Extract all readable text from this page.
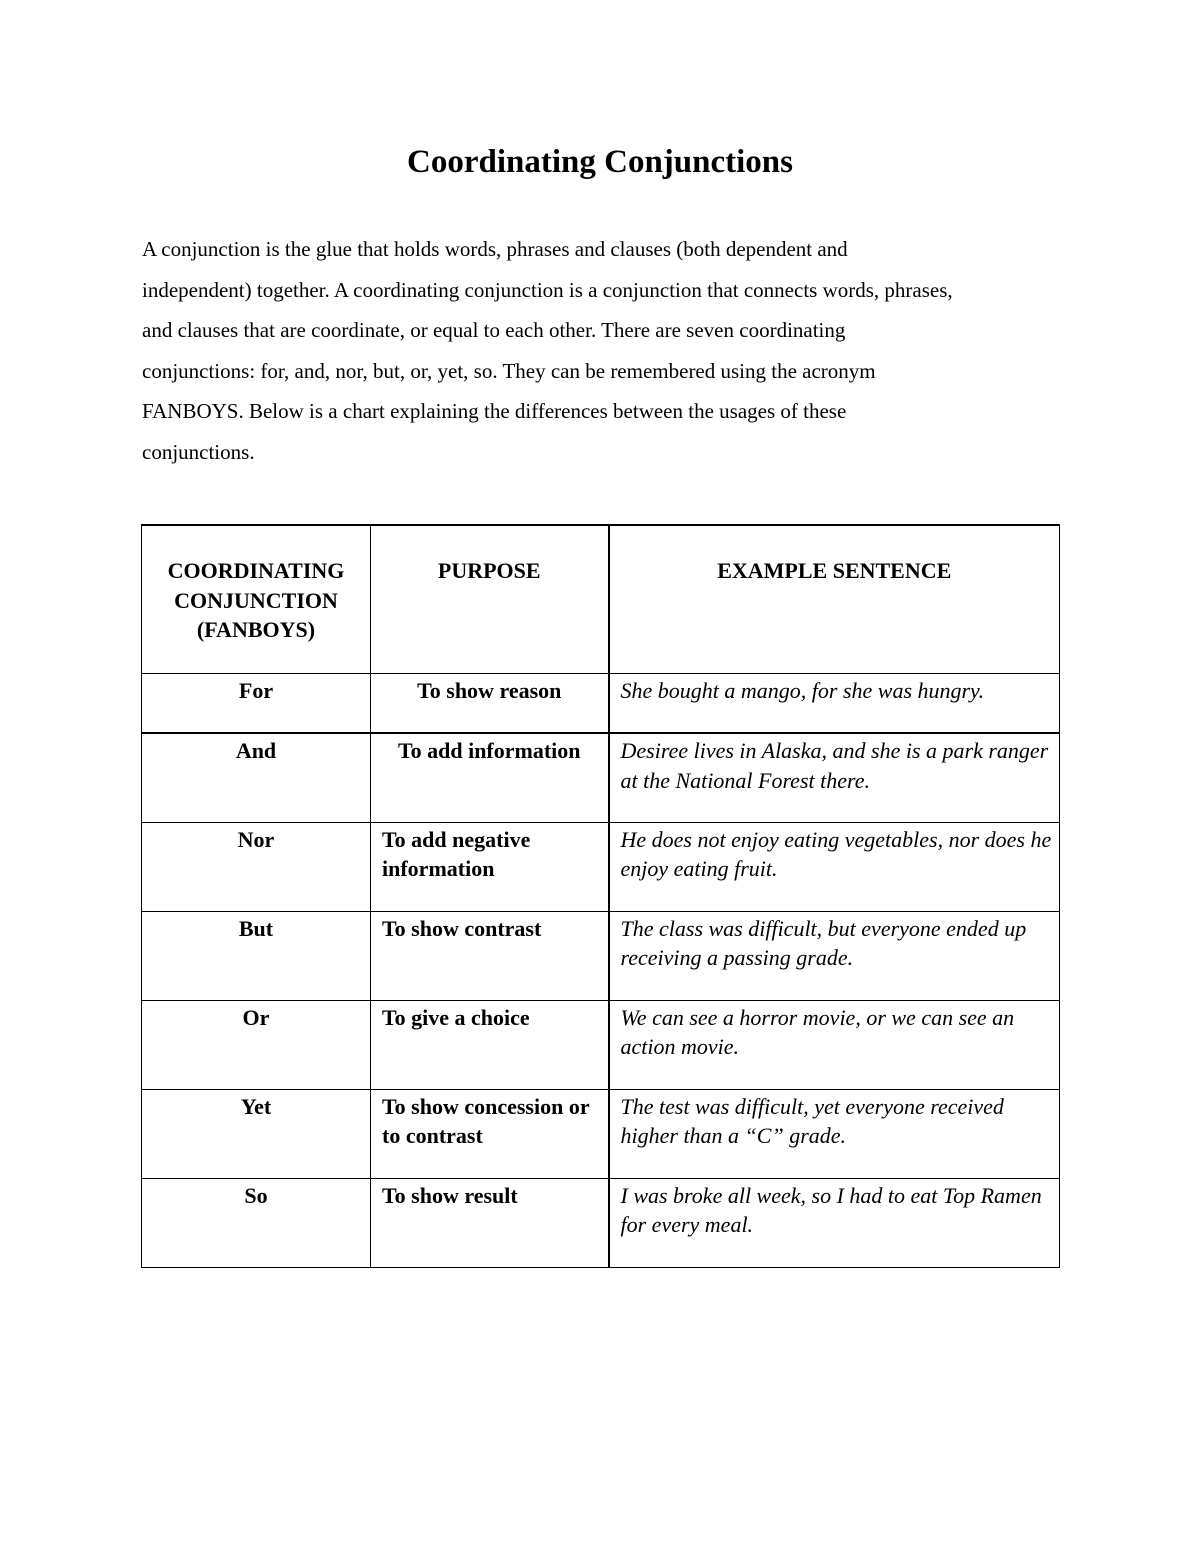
Coordinating Conjunctions

A conjunction is the glue that holds words, phrases and clauses (both dependent and
independent) together. A coordinating conjunction is a conjunction that connects words, phrases,
and clauses that are coordinate, or equal to each other. There are seven coordinating
conjunctions: for, and, nor, but, or, yet, so. They can be remembered using the acronym
FANBOYS. Below is a chart explaining the differences between the usages of these
conjunctions.

COORDINATING CONJUNCTION (FANBOYS)	PURPOSE	EXAMPLE SENTENCE
For	To show reason	She bought a mango, for she was hungry.
And	To add information	Desiree lives in Alaska, and she is a park ranger at the National Forest there.
Nor	To add negative information	He does not enjoy eating vegetables, nor does he enjoy eating fruit.
But	To show contrast	The class was difficult, but everyone ended up receiving a passing grade.
Or	To give a choice	We can see a horror movie, or we can see an action movie.
Yet	To show concession or to contrast	The test was difficult, yet everyone received higher than a “C” grade.
So	To show result	I was broke all week, so I had to eat Top Ramen for every meal.
